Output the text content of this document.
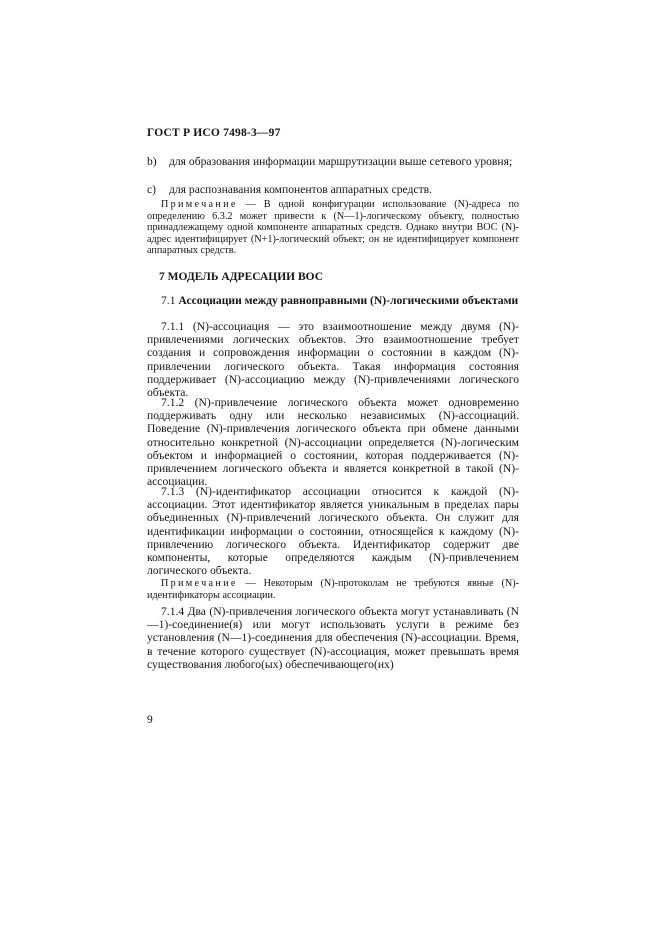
ГОСТ Р ИСО 7498-3—97
b)	для образования информации маршрутизации выше сетевого уровня;
c)	для распознавания компонентов аппаратных средств.
Примечание — В одной конфигурации использование (N)-адреса по определению 6.3.2 может привести к (N—1)-логическому объекту, полностью принадлежащему одной компоненте аппаратных средств. Однако внутри ВОС (N)-адрес идентифицирует (N+1)-логический объект; он не идентифицирует компонент аппаратных средств.
7 МОДЕЛЬ АДРЕСАЦИИ ВОС
7.1 Ассоциации между равноправными (N)-логическими объектами
7.1.1 (N)-ассоциация — это взаимоотношение между двумя (N)-привлечениями логических объектов. Это взаимоотношение требует создания и сопровождения информации о состоянии в каждом (N)-привлечении логического объекта. Такая информация состояния поддерживает (N)-ассоциацию между (N)-привлечениями логического объекта.
7.1.2 (N)-привлечение логического объекта может одновременно поддерживать одну или несколько независимых (N)-ассоциаций. Поведение (N)-привлечения логического объекта при обмене данными относительно конкретной (N)-ассоциации определяется (N)-логическим объектом и информацией о состоянии, которая поддерживается (N)-привлечением логического объекта и является конкретной в такой (N)-ассоциации.
7.1.3 (N)-идентификатор ассоциации относится к каждой (N)-ассоциации. Этот идентификатор является уникальным в пределах пары объединенных (N)-привлечений логического объекта. Он служит для идентификации информации о состоянии, относящейся к каждому (N)-привлечению логического объекта. Идентификатор содержит две компоненты, которые определяются каждым (N)-привлечением логического объекта.
Примечание — Некоторым (N)-протоколам не требуются явные (N)-идентификаторы ассоциации.
7.1.4 Два (N)-привлечения логического объекта могут устанавливать (N—1)-соединение(я) или могут использовать услуги в режиме без установления (N—1)-соединения для обеспечения (N)-ассоциации. Время, в течение которого существует (N)-ассоциация, может превышать время существования любого(ых) обеспечивающего(их)
9
